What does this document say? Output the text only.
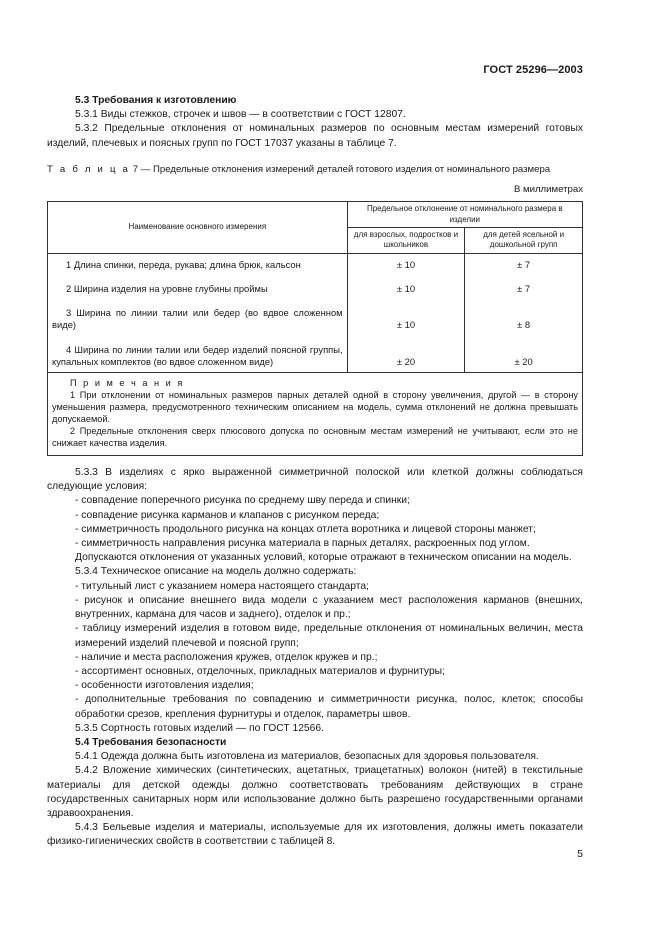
ГОСТ 25296—2003

5.3 Требования к изготовлению

5.3.1 Виды стежков, строчек и швов — в соответствии с ГОСТ 12807.

5.3.2 Предельные отклонения от номинальных размеров по основным местам измерений готовых изделий, плечевых и поясных групп по ГОСТ 17037 указаны в таблице 7.

Т а б л и ц а 7 — Предельные отклонения измерений деталей готового изделия от номинального размера
В миллиметрах
Наименование основного измерения	Предельное отклонение от номинального размера в изделии	
	для взрослых, подростков и школьников	для детей ясельной и дошкольной групп
1 Длина спинки, переда, рукава; длина брюк, кальсон	± 10	± 7
2 Ширина изделия на уровне глубины проймы	± 10	± 7
3 Ширина по линии талии или бедер (во вдвое сложенном виде)	± 10	± 8
4 Ширина по линии талии или бедер изделий поясной группы, купальных комплектов (во вдвое сложенном виде)	± 20	± 20

П р и м е ч а н и я

1 При отклонении от номинальных размеров парных деталей одной в сторону увеличения, другой — в сторону уменьшения размера, предусмотренного техническим описанием на модель, сумма отклонений не должна превышать допускаемой.

2 Предельные отклонения сверх плюсового допуска по основным местам измерений не учитывают, если это не снижает качества изделия.		

5.3.3 В изделиях с ярко выраженной симметричной полоской или клеткой должны соблюдаться следующие условия:

- совпадение поперечного рисунка по среднему шву переда и спинки;

- совпадение рисунка карманов и клапанов с рисунком переда;

- симметричность продольного рисунка на концах отлета воротника и лицевой стороны манжет;

- симметричность направления рисунка материала в парных деталях, раскроенных под углом.

Допускаются отклонения от указанных условий, которые отражают в техническом описании на модель.

5.3.4 Техническое описание на модель должно содержать:

- титульный лист с указанием номера настоящего стандарта;

- рисунок и описание внешнего вида модели с указанием мест расположения карманов (внешних, внутренних, кармана для часов и заднего), отделок и пр.;

- таблицу измерений изделия в готовом виде, предельные отклонения от номинальных величин, места измерений изделий плечевой и поясной групп;

- наличие и места расположения кружев, отделок кружев и пр.;

- ассортимент основных, отделочных, прикладных материалов и фурнитуры;

- особенности изготовления изделия;

- дополнительные требования по совпадению и симметричности рисунка, полос, клеток; способы обработки срезов, крепления фурнитуры и отделок, параметры швов.

5.3.5 Сортность готовых изделий — по ГОСТ 12566.

5.4 Требования безопасности

5.4.1 Одежда должна быть изготовлена из материалов, безопасных для здоровья пользователя.

5.4.2 Вложение химических (синтетических, ацетатных, триацетатных) волокон (нитей) в текстильные материалы для детской одежды должно соответствовать требованиям действующих в стране государственных санитарных норм или использование должно быть разрешено государственными органами здравоохранения.

5.4.3 Бельевые изделия и материалы, используемые для их изготовления, должны иметь показатели физико-гигиенических свойств в соответствии с таблицей 8.

5
